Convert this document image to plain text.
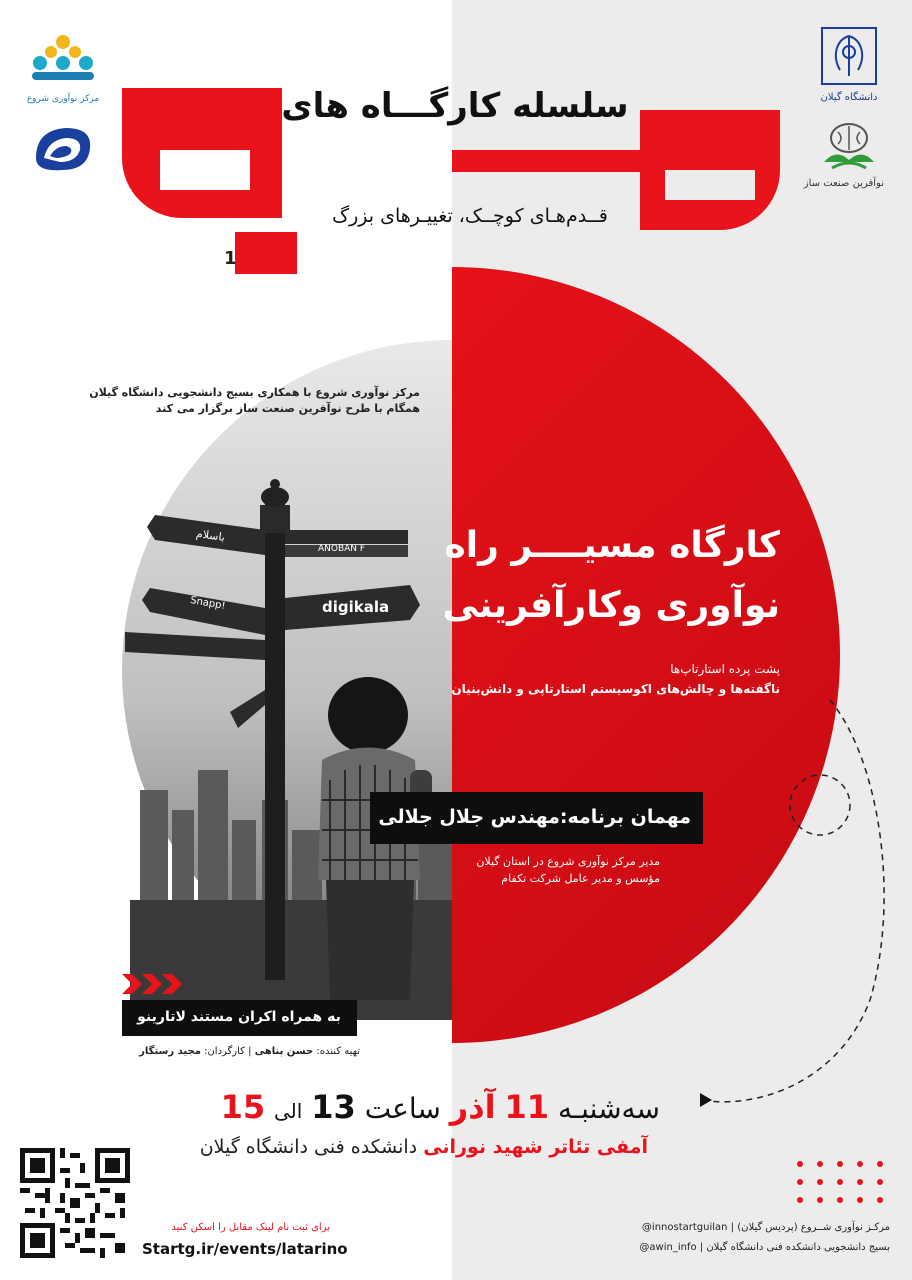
باسلام
ANOBAN F
digikala
Snapp!
سلسله کارگـــاه های
قــدم‌هـای کوچــک، تغییـرهای بزرگ
1
مرکز نوآوری شروع	دانشگاه گیلان
نوآفرین صنعت ساز
مرکز نوآوری شروع با همکاری بسیج دانشجویی دانشگاه گیلان
همگام با طرح نوآفرین صنعت ساز برگزار می کند
کارگاه مسیــــر راه
نوآوری وکارآفرینی
پشت پرده استارتاپ‌ها
ناگفته‌ها و چالش‌های اکوسیستم استارتاپی و دانش‌بنیان
مهمان برنامه:مهندس جلال جلالی
مدیر مرکز نوآوری شروع در استان گیلان
مؤسس و مدیر عامل شرکت تکفام
به همراه اکران مستند لاتارینو
تهیه کننده: حسن پناهی | کارگردان: مجید رستگار
سه‌شنبـه 11 آذر ساعت 13 الی 15
آمفی تئاتر شهید نورانی دانشکده فنی دانشگاه گیلان
برای ثبت نام لینک مقابل را اسکن کنید
Startg.ir/events/latarino
مرکـز نوآوری شــروع (پردیس گیلان) | @innostartguilan
بسیج دانشجویی دانشکده فنی دانشگاه گیلان | @awin_info
